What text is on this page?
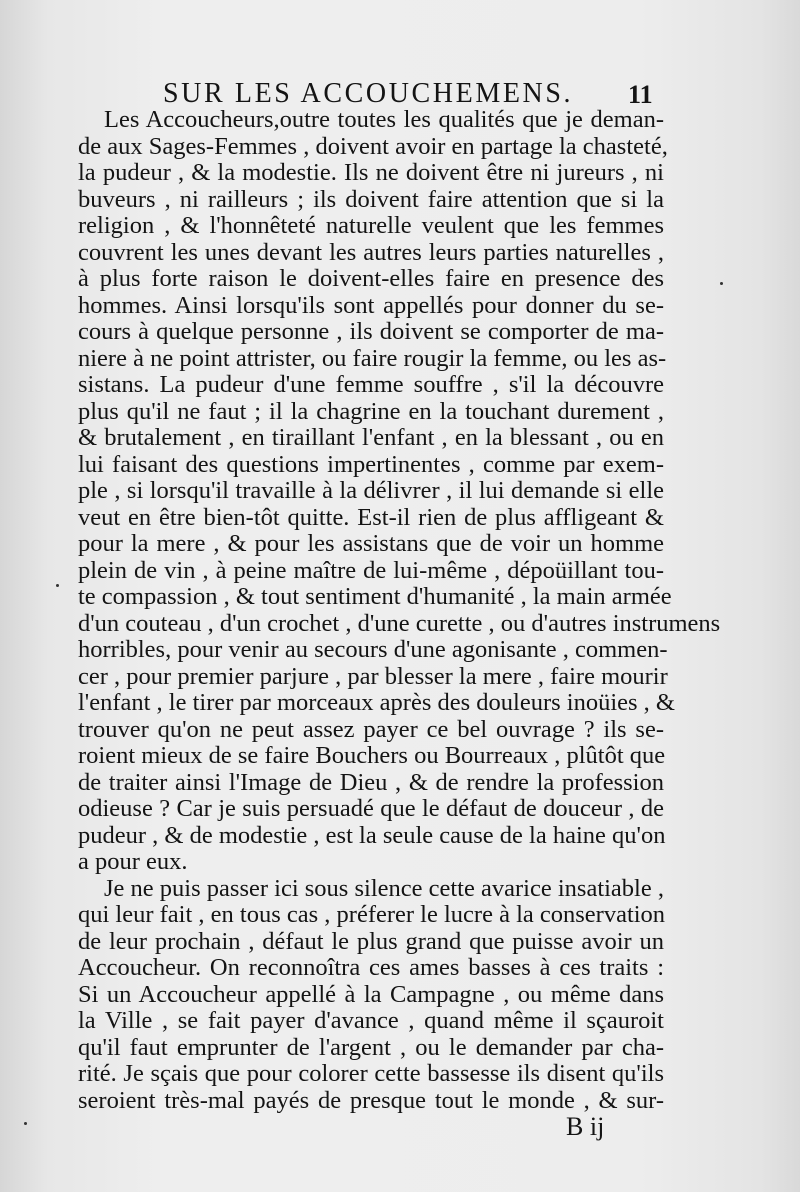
SUR LES ACCOUCHEMENS. 11
Les Accoucheurs,outre toutes les qualités que je deman-
de aux Sages-Femmes , doivent avoir en partage la chasteté,
la pudeur , & la modestie. Ils ne doivent être ni jureurs , ni
buveurs , ni railleurs ; ils doivent faire attention que si la
religion , & l'honnêteté naturelle veulent que les femmes
couvrent les unes devant les autres leurs parties naturelles ,
à plus forte raison le doivent-elles faire en presence des
hommes. Ainsi lorsqu'ils sont appellés pour donner du se-
cours à quelque personne , ils doivent se comporter de ma-
niere à ne point attrister, ou faire rougir la femme, ou les as-
sistans. La pudeur d'une femme souffre , s'il la découvre
plus qu'il ne faut ; il la chagrine en la touchant durement ,
& brutalement , en tiraillant l'enfant , en la blessant , ou en
lui faisant des questions impertinentes , comme par exem-
ple , si lorsqu'il travaille à la délivrer , il lui demande si elle
veut en être bien-tôt quitte. Est-il rien de plus affligeant &
pour la mere , & pour les assistans que de voir un homme
plein de vin , à peine maître de lui-même , dépoüillant tou-
te compassion , & tout sentiment d'humanité , la main armée
d'un couteau , d'un crochet , d'une curette , ou d'autres instrumens
horribles, pour venir au secours d'une agonisante , commen-
cer , pour premier parjure , par blesser la mere , faire mourir
l'enfant , le tirer par morceaux après des douleurs inoüies , &
trouver qu'on ne peut assez payer ce bel ouvrage ? ils se-
roient mieux de se faire Bouchers ou Bourreaux , plûtôt que
de traiter ainsi l'Image de Dieu , & de rendre la profession
odieuse ? Car je suis persuadé que le défaut de douceur , de
pudeur , & de modestie , est la seule cause de la haine qu'on
a pour eux.
Je ne puis passer ici sous silence cette avarice insatiable ,
qui leur fait , en tous cas , préferer le lucre à la conservation
de leur prochain , défaut le plus grand que puisse avoir un
Accoucheur. On reconnoîtra ces ames basses à ces traits :
Si un Accoucheur appellé à la Campagne , ou même dans
la Ville , se fait payer d'avance , quand même il sçauroit
qu'il faut emprunter de l'argent , ou le demander par cha-
rité. Je sçais que pour colorer cette bassesse ils disent qu'ils
seroient très-mal payés de presque tout le monde , & sur-
B ij
